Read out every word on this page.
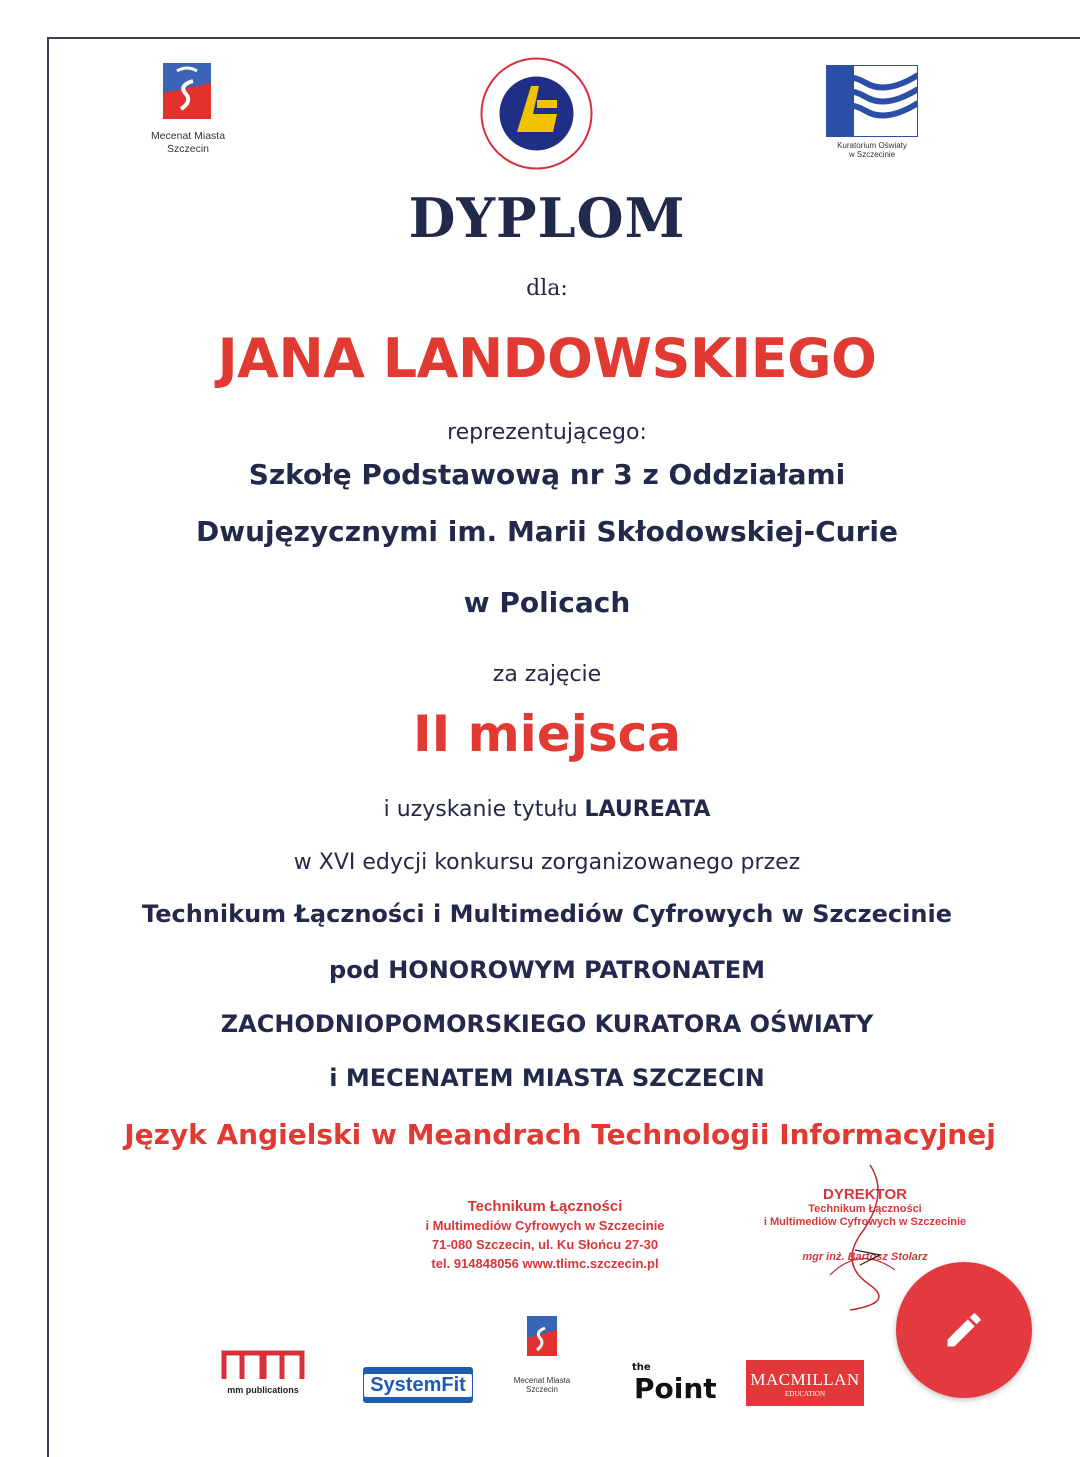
Mecenat Miasta
Szczecin	Kuratorium Oświaty
w Szczecinie
DYPLOM
dla:
JANA LANDOWSKIEGO
reprezentującego:
Szkołę Podstawową nr 3 z Oddziałami
Dwujęzycznymi im. Marii Skłodowskiej-Curie
w Policach
za zajęcie
II miejsca
i uzyskanie tytułu LAUREATA
w XVI edycji konkursu zorganizowanego przez
Technikum Łączności i Multimediów Cyfrowych w Szczecinie
pod HONOROWYM PATRONATEM
ZACHODNIOPOMORSKIEGO KURATORA OŚWIATY
i MECENATEM MIASTA SZCZECIN
Język Angielski w Meandrach Technologii Informacyjnej
Technikum Łączności
i Multimediów Cyfrowych w Szczecinie
71-080 Szczecin, ul. Ku Słońcu 27-30
tel. 914848056 www.tlimc.szczecin.pl
DYREKTOR
Technikum Łączności
i Multimediów Cyfrowych w Szczecinie
mgr inż. Bartosz Stolarz
mm publications	SystemFit	Mecenat Miasta
Szczecin
the
Point MACMILLAN
EDUCATION
